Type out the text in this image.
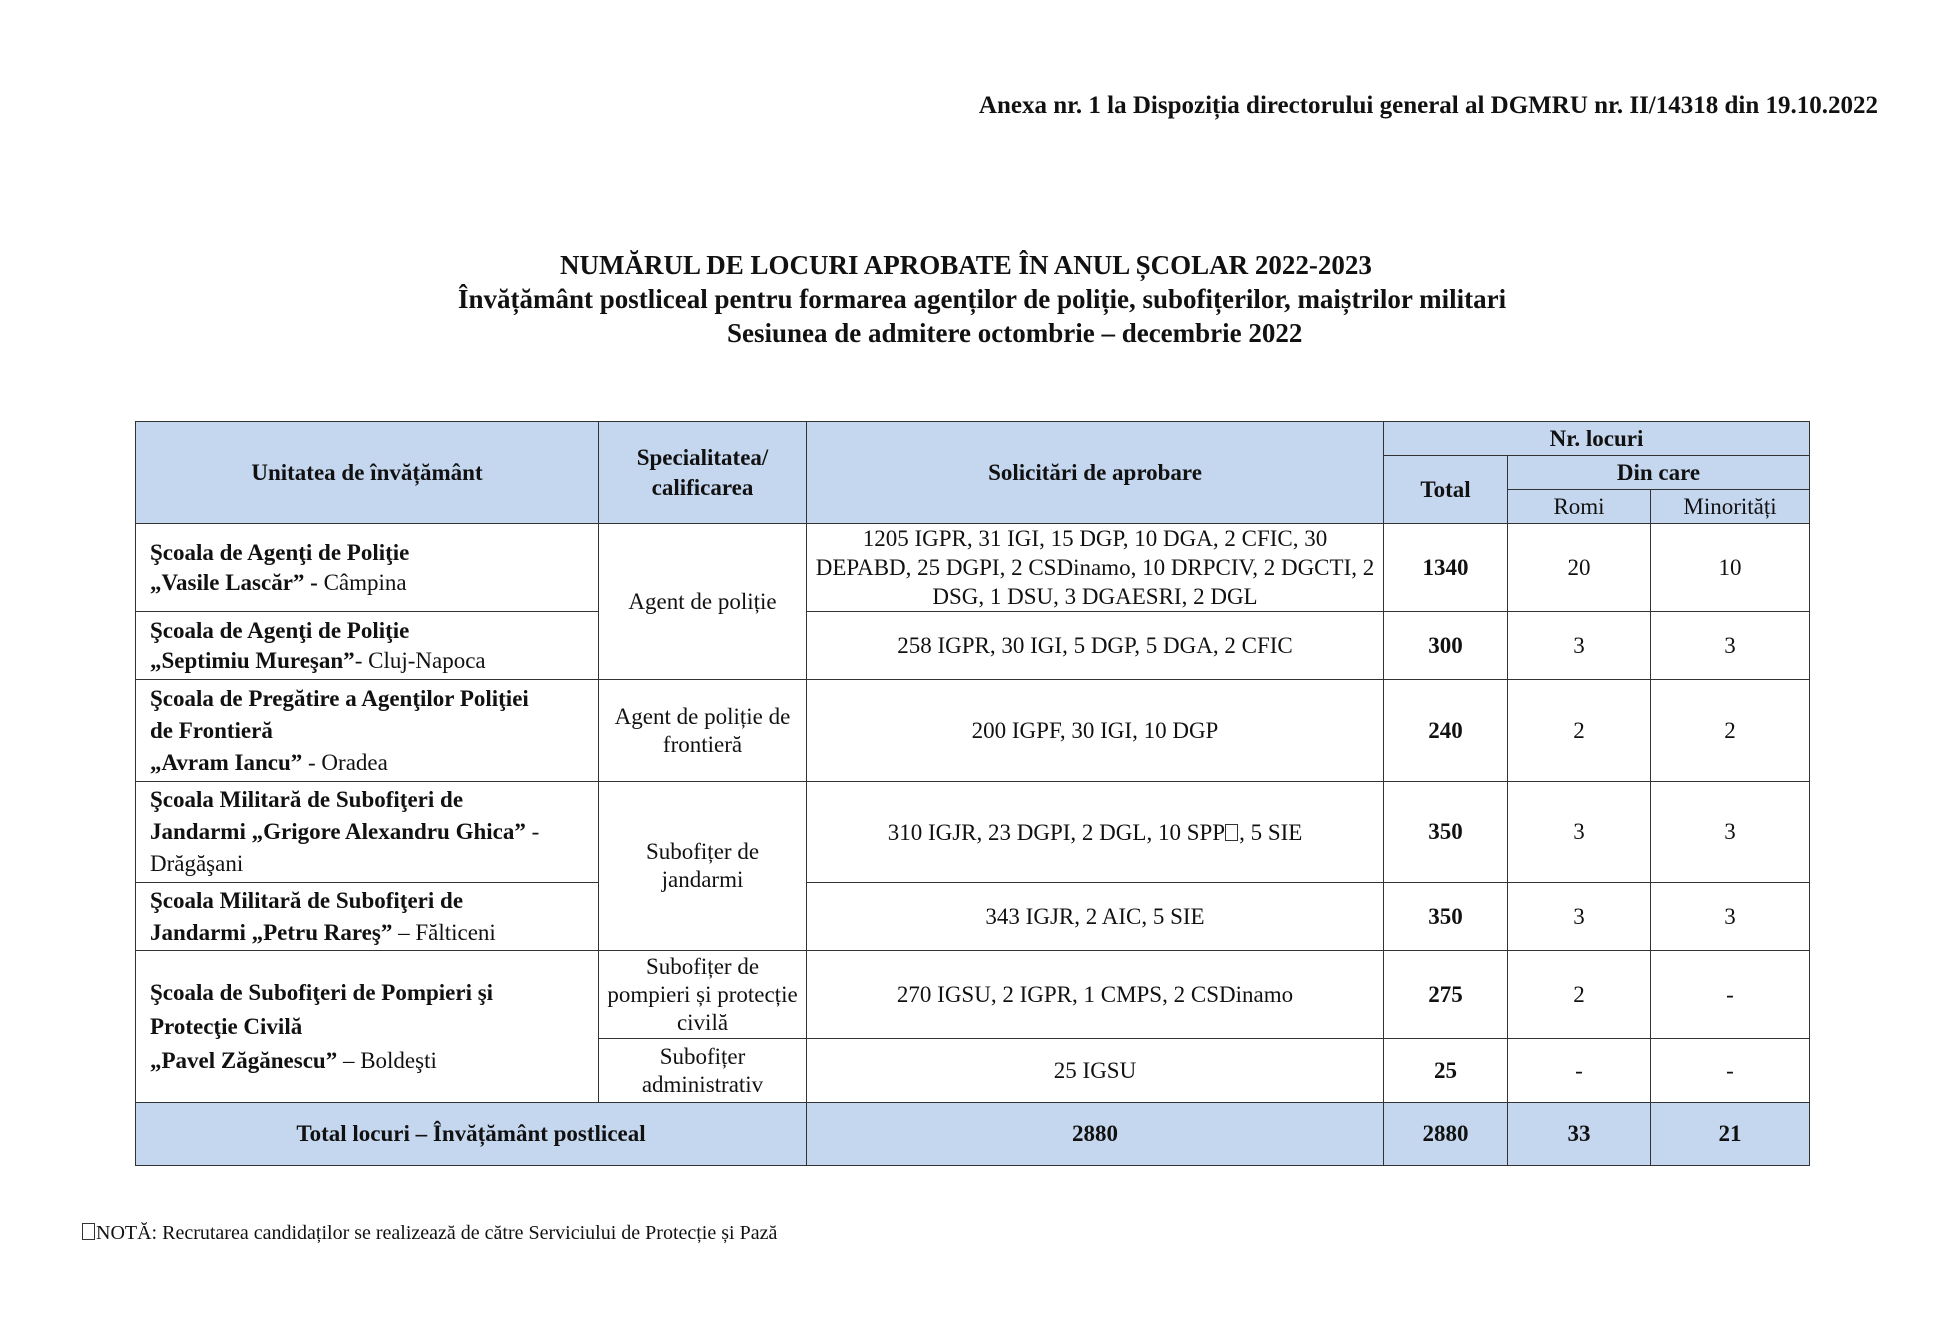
Anexa nr. 1 la Dispoziția directorului general al DGMRU nr. II/14318 din 19.10.2022
NUMĂRUL DE LOCURI APROBATE ÎN ANUL ȘCOLAR 2022-2023
Învățământ postliceal pentru formarea agenților de poliție, subofițerilor, maiștrilor militari
Sesiunea de admitere octombrie – decembrie 2022
Unitatea de învățământ	Specialitatea/ calificarea	Solicitări de aprobare	Nr. locuri		
			Total	Din care	
				Romi	Minorități
Şcoala de Agenţi de Poliţie
„Vasile Lascăr” - Câmpina	Agent de poliție	1205 IGPR, 31 IGI, 15 DGP, 10 DGA, 2 CFIC, 30 DEPABD, 25 DGPI, 2 CSDinamo, 10 DRPCIV, 2 DGCTI, 2 DSG, 1 DSU, 3 DGAESRI, 2 DGL	1340	20	10
Şcoala de Agenţi de Poliţie
„Septimiu Mureşan”- Cluj-Napoca		258 IGPR, 30 IGI, 5 DGP, 5 DGA, 2 CFIC	300	3	3
Şcoala de Pregătire a Agenţilor Poliţiei
de Frontieră
„Avram Iancu” - Oradea	Agent de poliție de frontieră	200 IGPF, 30 IGI, 10 DGP	240	2	2
Şcoala Militară de Subofiţeri de
Jandarmi „Grigore Alexandru Ghica” -
Drăgăşani	Subofițer de jandarmi	310 IGJR, 23 DGPI, 2 DGL, 10 SPP , 5 SIE	350	3	3
Şcoala Militară de Subofiţeri de
Jandarmi „Petru Rareş” – Fălticeni		343 IGJR, 2 AIC, 5 SIE	350	3	3
Şcoala de Subofiţeri de Pompieri şi
Protecţie Civilă
„Pavel Zăgănescu” – Boldeşti	Subofițer de pompieri și protecție civilă	270 IGSU, 2 IGPR, 1 CMPS, 2 CSDinamo	275	2	-
	Subofițer administrativ	25 IGSU	25	-	-
Total locuri – Învățământ postliceal		2880	2880	33	21
NOTĂ: Recrutarea candidaților se realizează de către Serviciului de Protecție și Pază
